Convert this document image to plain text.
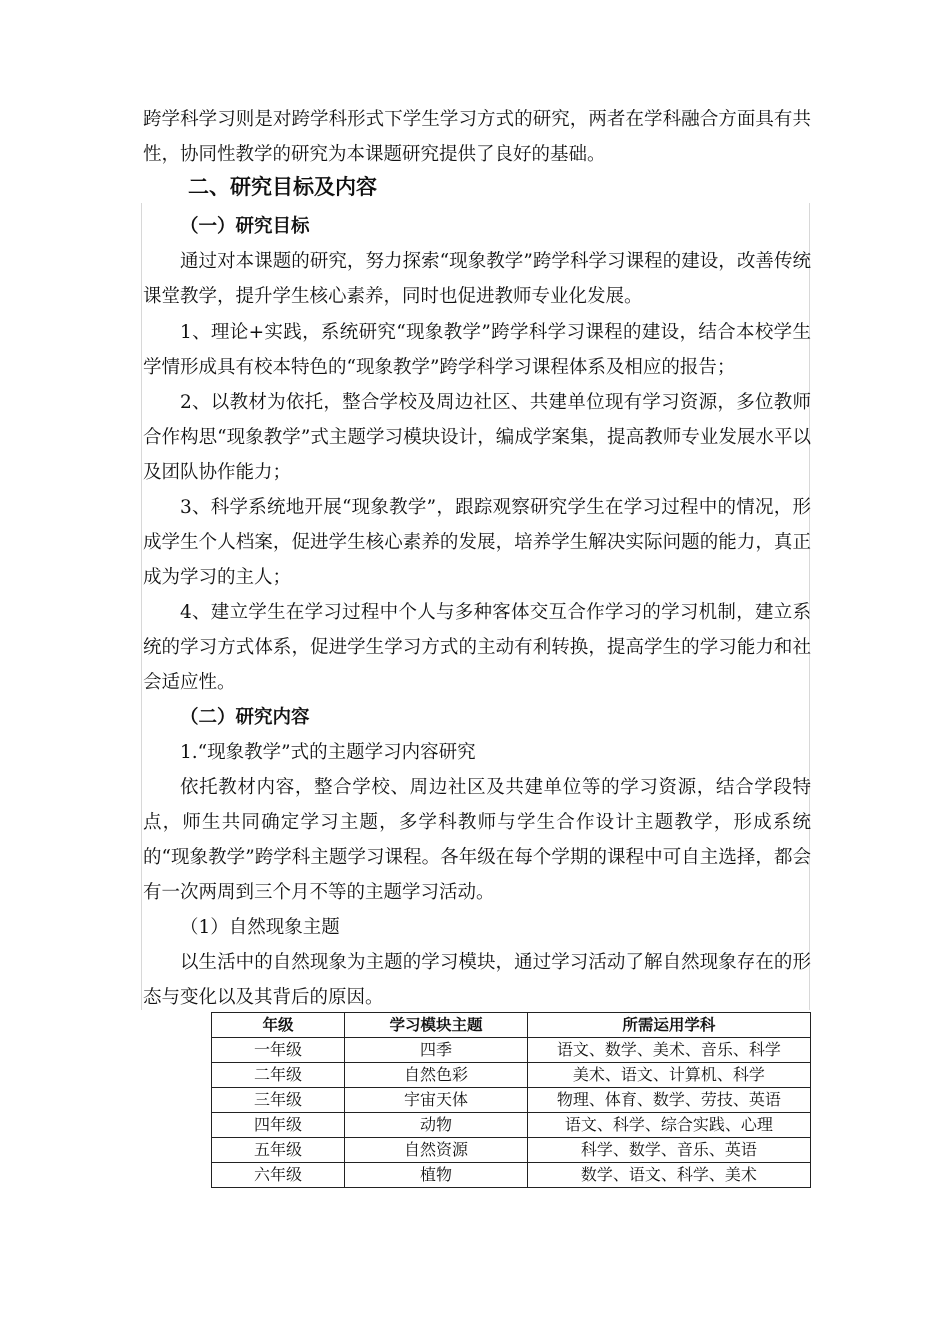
跨学科学习则是对跨学科形式下学生学习方式的研究，两者在学科融合方面具有共性，协同性教学的研究为本课题研究提供了良好的基础。

二、研究目标及内容
（一）研究目标

通过对本课题的研究，努力探索“现象教学”跨学科学习课程的建设，改善传统课堂教学，提升学生核心素养，同时也促进教师专业化发展。

1、理论+实践，系统研究“现象教学”跨学科学习课程的建设，结合本校学生学情形成具有校本特色的“现象教学”跨学科学习课程体系及相应的报告；

2、以教材为依托，整合学校及周边社区、共建单位现有学习资源，多位教师合作构思“现象教学”式主题学习模块设计，编成学案集，提高教师专业发展水平以及团队协作能力；

3、科学系统地开展“现象教学”，跟踪观察研究学生在学习过程中的情况，形成学生个人档案，促进学生核心素养的发展，培养学生解决实际问题的能力，真正成为学习的主人；

4、建立学生在学习过程中个人与多种客体交互合作学习的学习机制，建立系统的学习方式体系，促进学生学习方式的主动有利转换，提高学生的学习能力和社会适应性。

（二）研究内容

1.“现象教学”式的主题学习内容研究

依托教材内容，整合学校、周边社区及共建单位等的学习资源，结合学段特点，师生共同确定学习主题，多学科教师与学生合作设计主题教学，形成系统的“现象教学”跨学科主题学习课程。各年级在每个学期的课程中可自主选择，都会有一次两周到三个月不等的主题学习活动。

（1）自然现象主题

以生活中的自然现象为主题的学习模块，通过学习活动了解自然现象存在的形态与变化以及其背后的原因。

年级	学习模块主题	所需运用学科
一年级	四季	语文、数学、美术、音乐、科学
二年级	自然色彩	美术、语文、计算机、科学
三年级	宇宙天体	物理、体育、数学、劳技、英语
四年级	动物	语文、科学、综合实践、心理
五年级	自然资源	科学、数学、音乐、英语
六年级	植物	数学、语文、科学、美术
